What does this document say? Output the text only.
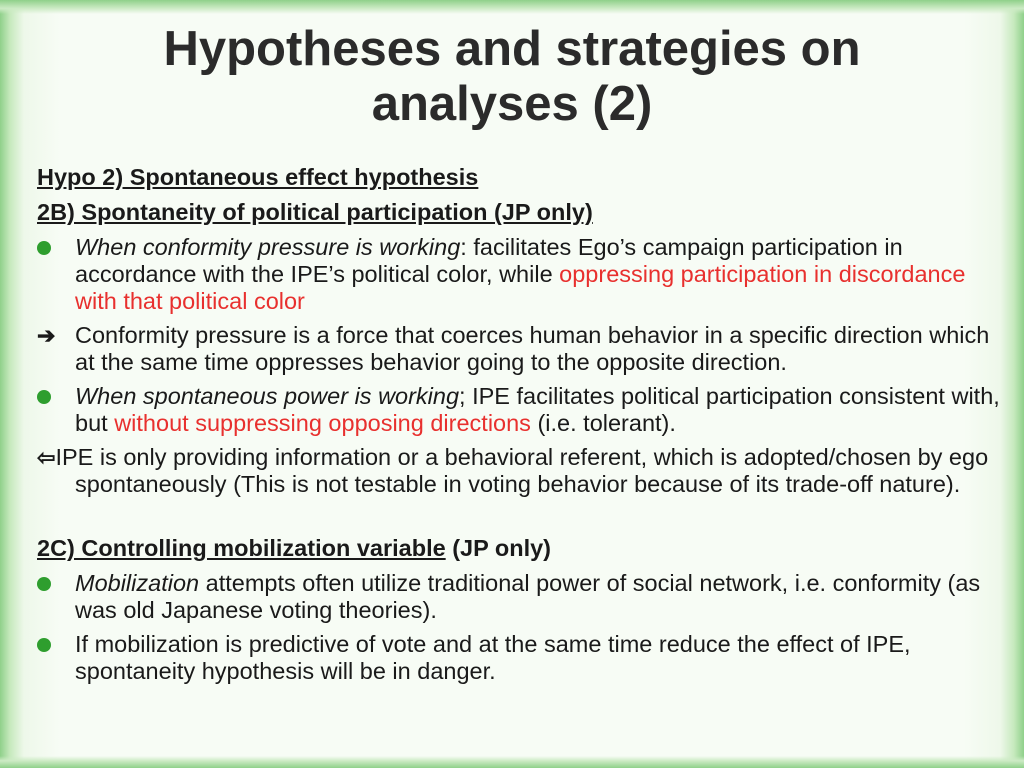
Hypotheses and strategies on
analyses (2)
Hypo 2) Spontaneous effect hypothesis
2B) Spontaneity of political participation (JP only)
When conformity pressure is working: facilitates Ego’s campaign participation in accordance with the IPE’s political color, while oppressing participation in discordance with that political color
➔ Conformity pressure is a force that coerces human behavior in a specific direction which at the same time oppresses behavior going to the opposite direction.
When spontaneous power is working; IPE facilitates political participation consistent with, but without suppressing opposing directions (i.e. tolerant).
⇦IPE is only providing information or a behavioral referent, which is adopted/chosen by ego spontaneously (This is not testable in voting behavior because of its trade-off nature).
2C) Controlling mobilization variable (JP only)
Mobilization attempts often utilize traditional power of social network, i.e. conformity (as was old Japanese voting theories).
If mobilization is predictive of vote and at the same time reduce the effect of IPE, spontaneity hypothesis will be in danger.
